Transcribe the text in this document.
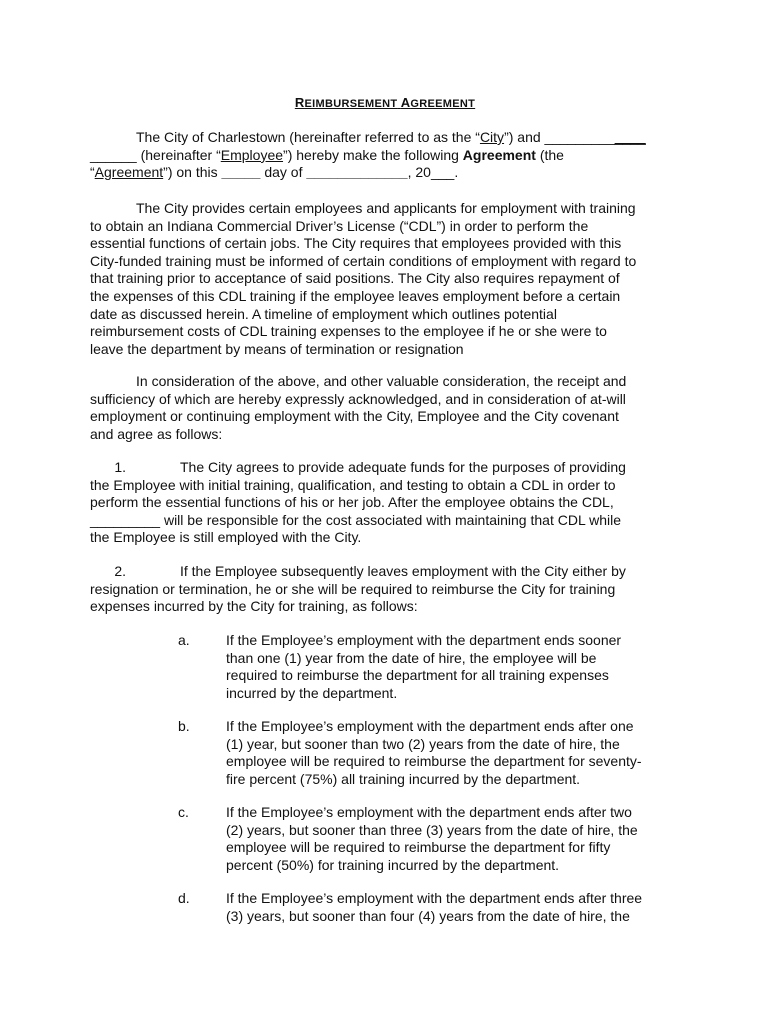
REIMBURSEMENT AGREEMENT
The City of Charlestown (hereinafter referred to as the “City”) and _____________
______ (hereinafter “Employee”) hereby make the following Agreement (the
“Agreement”) on this _____ day of _____________, 20___.
The City provides certain employees and applicants for employment with training
to obtain an Indiana Commercial Driver’s License (“CDL”) in order to perform the
essential functions of certain jobs. The City requires that employees provided with this
City-funded training must be informed of certain conditions of employment with regard to
that training prior to acceptance of said positions. The City also requires repayment of
the expenses of this CDL training if the employee leaves employment before a certain
date as discussed herein. A timeline of employment which outlines potential
reimbursement costs of CDL training expenses to the employee if he or she were to
leave the department by means of termination or resignation
In consideration of the above, and other valuable consideration, the receipt and
sufficiency of which are hereby expressly acknowledged, and in consideration of at-will
employment or continuing employment with the City, Employee and the City covenant
and agree as follows:
1.	The City agrees to provide adequate funds for the purposes of providing
the Employee with initial training, qualification, and testing to obtain a CDL in order to
perform the essential functions of his or her job. After the employee obtains the CDL,
_________ will be responsible for the cost associated with maintaining that CDL while
the Employee is still employed with the City.
2.	If the Employee subsequently leaves employment with the City either by
resignation or termination, he or she will be required to reimburse the City for training
expenses incurred by the City for training, as follows:
a.	If the Employee’s employment with the department ends sooner
than one (1) year from the date of hire, the employee will be
required to reimburse the department for all training expenses
incurred by the department.
b.	If the Employee’s employment with the department ends after one
(1) year, but sooner than two (2) years from the date of hire, the
employee will be required to reimburse the department for seventy-
fire percent (75%) all training incurred by the department.
c.	If the Employee’s employment with the department ends after two
(2) years, but sooner than three (3) years from the date of hire, the
employee will be required to reimburse the department for fifty
percent (50%) for training incurred by the department.
d.	If the Employee’s employment with the department ends after three
(3) years, but sooner than four (4) years from the date of hire, the
